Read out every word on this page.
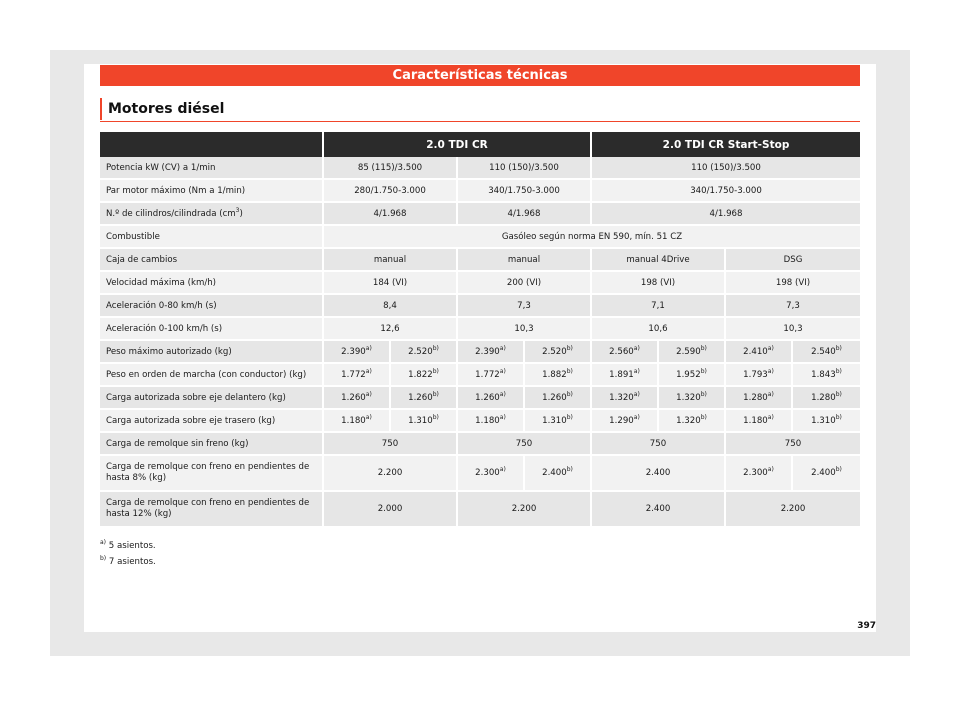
Características técnicas
Motores diésel
	2.0 TDI CR				2.0 TDI CR Start-Stop			
Potencia kW (CV) a 1/min	85 (115)/3.500		110 (150)/3.500		110 (150)/3.500			
Par motor máximo (Nm a 1/min)	280/1.750-3.000		340/1.750-3.000		340/1.750-3.000			
N.º de cilindros/cilindrada $(cm^3)$	4/1.968		4/1.968		4/1.968			
Combustible	Gasóleo según norma EN 590, mín. 51 CZ							
Caja de cambios	manual		manual		manual 4Drive		DSG	
Velocidad máxima (km/h)	184 (VI)		200 (VI)		198 (VI)		198 (VI)	
Aceleración 0-80 km/h (s)	8,4		7,3		7,1		7,3	
Aceleración 0-100 km/h (s)	12,6		10,3		10,6		10,3	
Peso máximo autorizado (kg)	2.390$^{a)}$	2.520$^{b)}$	2.390$^{a)}$	2.520$^{b)}$	2.560$^{a)}$	2.590$^{b)}$	2.410$^{a)}$	2.540$^{b)}$
Peso en orden de marcha (con conductor) (kg)	1.772$^{a)}$	1.822$^{b)}$	1.772$^{a)}$	1.882$^{b)}$	1.891$^{a)}$	1.952$^{b)}$	1.793$^{a)}$	1.843$^{b)}$
Carga autorizada sobre eje delantero (kg)	1.260$^{a)}$	1.260$^{b)}$	1.260$^{a)}$	1.260$^{b)}$	1.320$^{a)}$	1.320$^{b)}$	1.280$^{a)}$	1.280$^{b)}$
Carga autorizada sobre eje trasero (kg)	1.180$^{a)}$	1.310$^{b)}$	1.180$^{a)}$	1.310$^{b)}$	1.290$^{a)}$	1.320$^{b)}$	1.180$^{a)}$	1.310$^{b)}$
Carga de remolque sin freno (kg)	750		750		750		750	
Carga de remolque con freno en pendientes de hasta 8% (kg)	2.200		2.300$^{a)}$	2.400$^{b)}$	2.400		2.300$^{a)}$	2.400$^{b)}$
Carga de remolque con freno en pendientes de hasta 12% (kg)	2.000		2.200		2.400		2.200	
$^{a)}$ 5 asientos.
$^{b)}$ 7 asientos.
397
